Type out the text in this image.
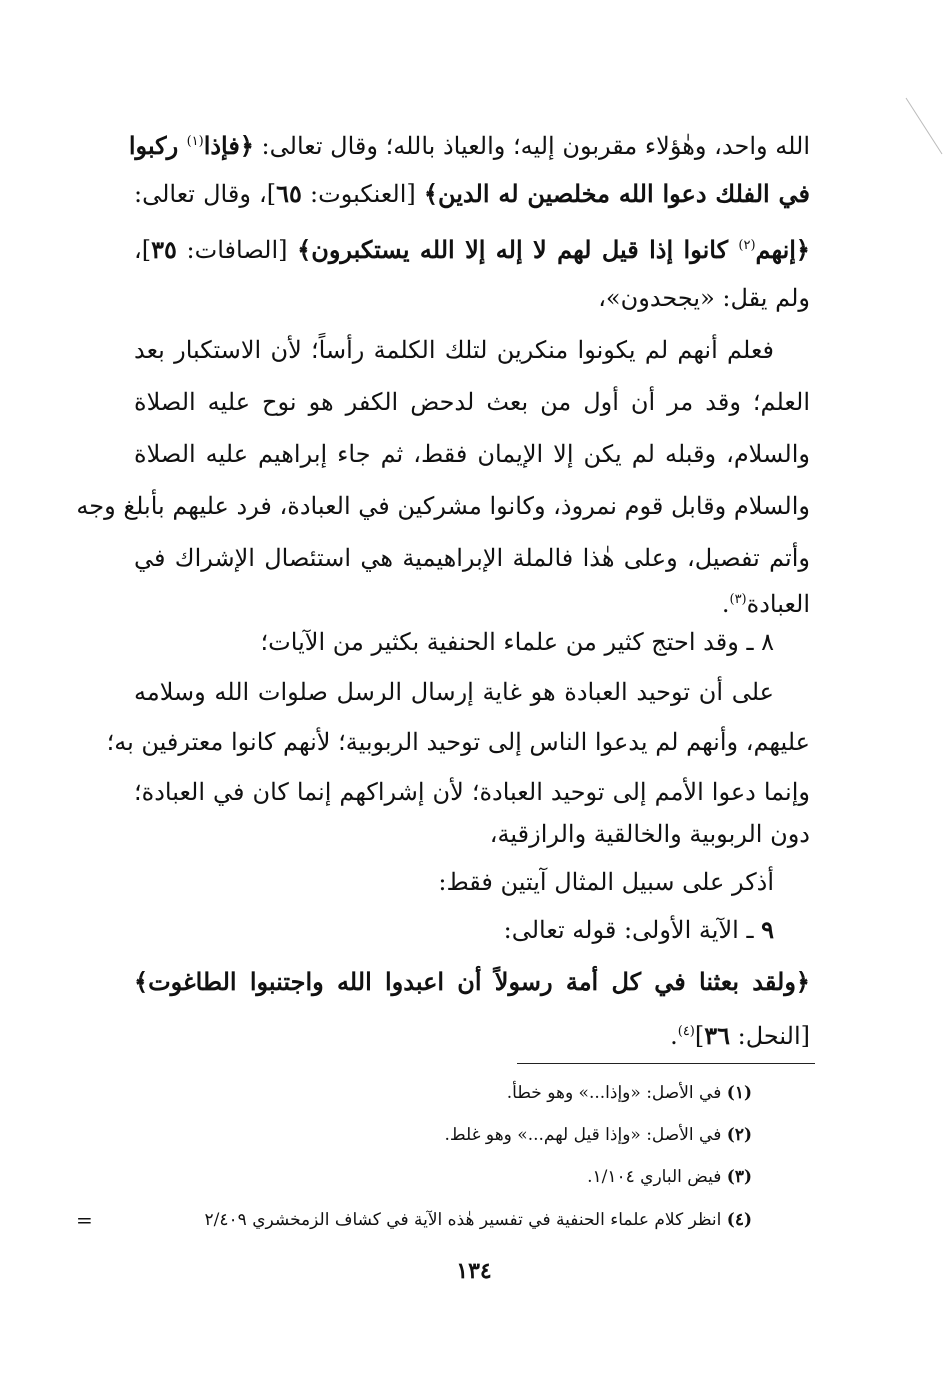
الله واحد، وهٰؤلاء مقربون إليه؛ والعياذ بالله؛ وقال تعالى: ﴿فإذا$^{(١)}$ ركبوا
في الفلك دعوا الله مخلصين له الدين﴾ [العنكبوت: ٦٥]، وقال تعالى:
﴿إنهم$^{(٢)}$ كانوا إذا قيل لهم لا إله إلا الله يستكبرون﴾ [الصافات: ٣٥]،
ولم يقل: «يجحدون»،
فعلم أنهم لم يكونوا منكرين لتلك الكلمة رأساً؛ لأن الاستكبار بعد
العلم؛ وقد مر أن أول من بعث لدحض الكفر هو نوح عليه الصلاة
والسلام، وقبله لم يكن إلا الإيمان فقط، ثم جاء إبراهيم عليه الصلاة
والسلام وقابل قوم نمروذ، وكانوا مشركين في العبادة، فرد عليهم بأبلغ وجه
وأتم تفصيل، وعلى هٰذا فالملة الإبراهيمية هي استئصال الإشراك في
العبادة$^{(٣)}$.
٨ ـ وقد احتج كثير من علماء الحنفية بكثير من الآيات؛
على أن توحيد العبادة هو غاية إرسال الرسل صلوات الله وسلامه
عليهم، وأنهم لم يدعوا الناس إلى توحيد الربوبية؛ لأنهم كانوا معترفين به؛
وإنما دعوا الأمم إلى توحيد العبادة؛ لأن إشراكهم إنما كان في العبادة؛
دون الربوبية والخالقية والرازقية،
أذكر على سبيل المثال آيتين فقط:
٩ ـ الآية الأولى: قوله تعالى:
﴿ولقد بعثنا في كل أمة رسولاً أن اعبدوا الله واجتنبوا الطاغوت﴾
[النحل: ٣٦]$^{(٤)}$.
(١) في الأصل: «وإذا...» وهو خطأ.
(٢) في الأصل: «وإذا قيل لهم...» وهو غلط.
(٣) فيض الباري ١/١٠٤.
(٤) انظر كلام علماء الحنفية في تفسير هٰذه الآية في كشاف الزمخشري ٢/٤٠٩
=
١٣٤
